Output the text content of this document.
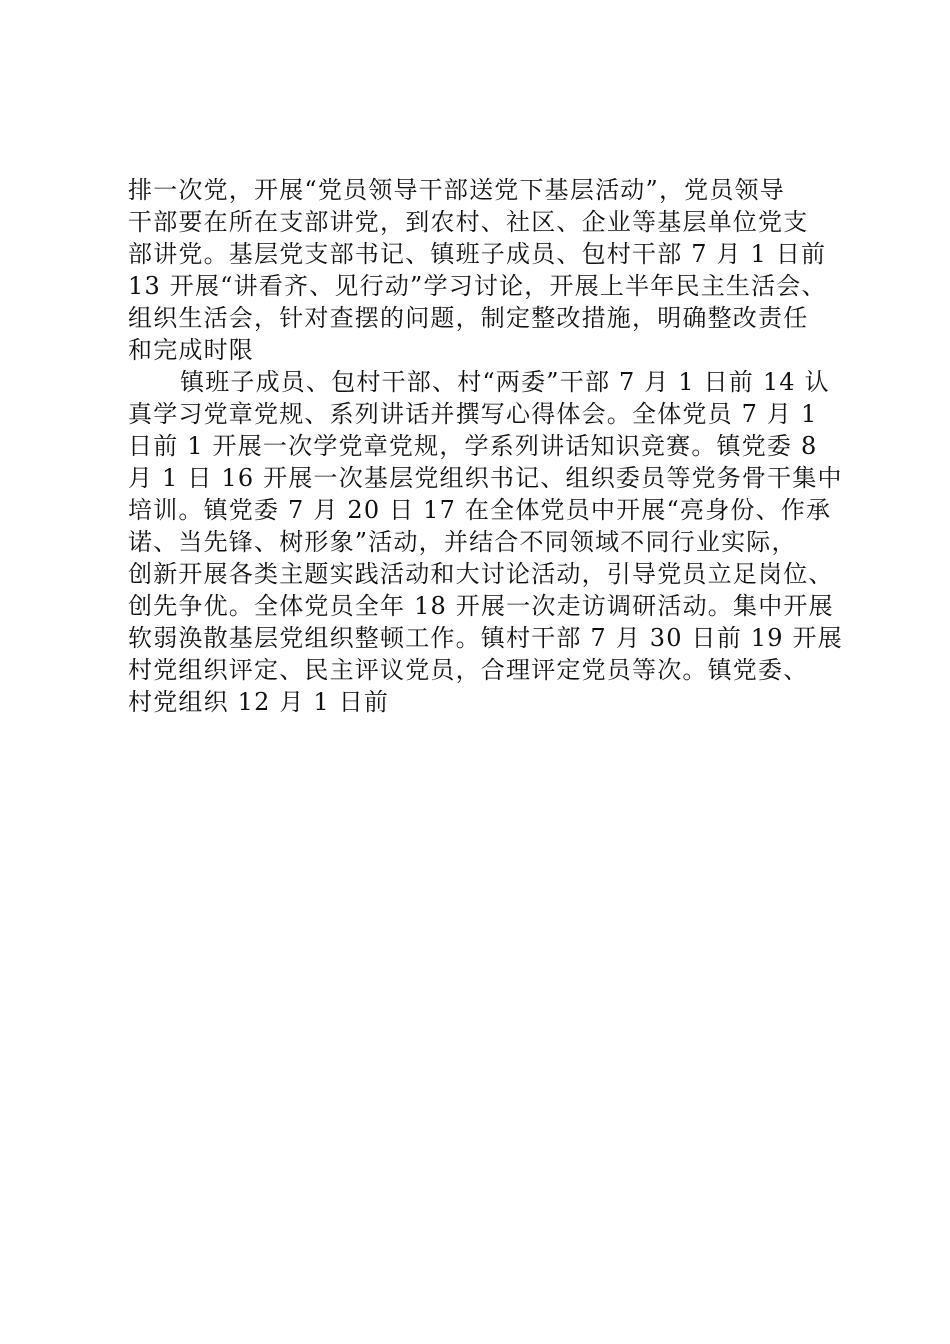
排一次党，开展“党员领导干部送党下基层活动”，党员领导
干部要在所在支部讲党，到农村、社区、企业等基层单位党支
部讲党。基层党支部书记、镇班子成员、包村干部 7 月 1 日前
13 开展“讲看齐、见行动”学习讨论，开展上半年民主生活会、
组织生活会，针对查摆的问题，制定整改措施，明确整改责任
和完成时限
镇班子成员、包村干部、村“两委”干部 7 月 1 日前 14 认
真学习党章党规、系列讲话并撰写心得体会。全体党员 7 月 1
日前 1 开展一次学党章党规，学系列讲话知识竞赛。镇党委 8
月 1 日 16 开展一次基层党组织书记、组织委员等党务骨干集中
培训。镇党委 7 月 20 日 17 在全体党员中开展“亮身份、作承
诺、当先锋、树形象”活动，并结合不同领域不同行业实际，
创新开展各类主题实践活动和大讨论活动，引导党员立足岗位、
创先争优。全体党员全年 18 开展一次走访调研活动。集中开展
软弱涣散基层党组织整顿工作。镇村干部 7 月 30 日前 19 开展
村党组织评定、民主评议党员，合理评定党员等次。镇党委、
村党组织 12 月 1 日前
